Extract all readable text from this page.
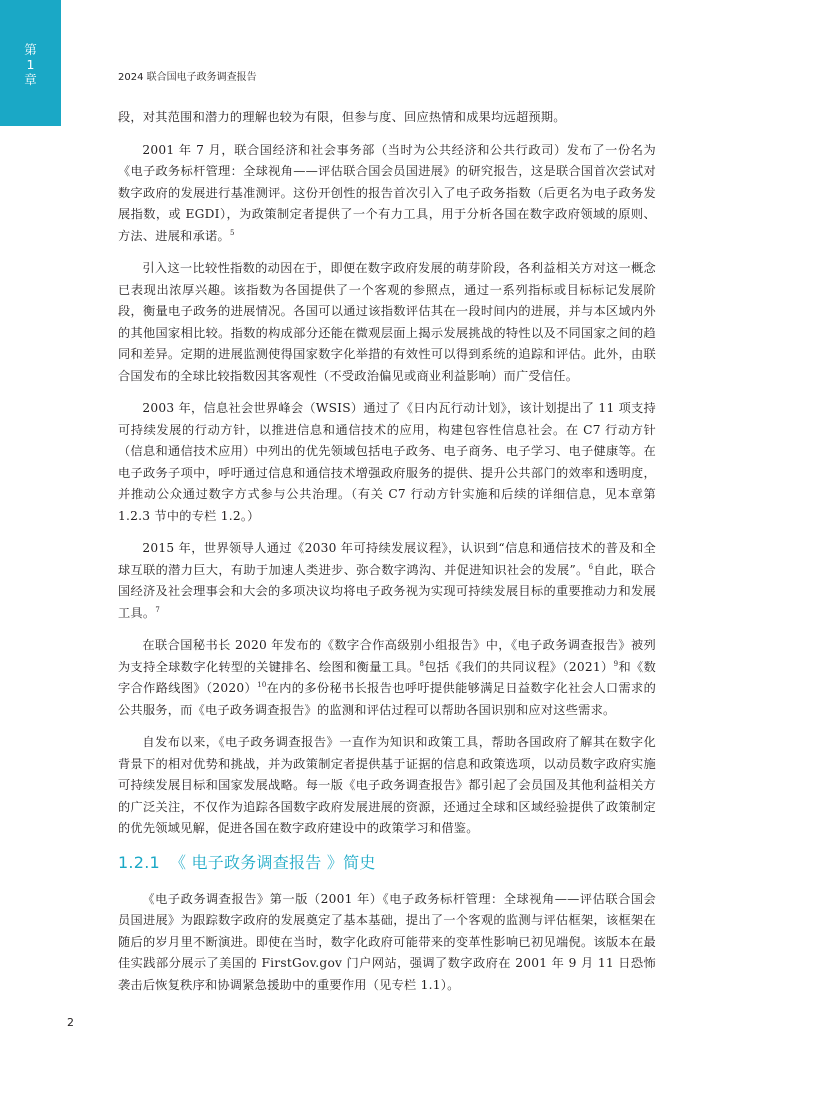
第
1
章	2024 联合国电子政务调查报告

段，对其范围和潜力的理解也较为有限，但参与度、回应热情和成果均远超预期。

2001 年 7 月，联合国经济和社会事务部（当时为公共经济和公共行政司）发布了一份名为《电子政务标杆管理：全球视角——评估联合国会员国进展》的研究报告，这是联合国首次尝试对数字政府的发展进行基准测评。这份开创性的报告首次引入了电子政务指数（后更名为电子政务发展指数，或 EGDI），为政策制定者提供了一个有力工具，用于分析各国在数字政府领域的原则、方法、进展和承诺。$^5$

引入这一比较性指数的动因在于，即便在数字政府发展的萌芽阶段，各利益相关方对这一概念已表现出浓厚兴趣。该指数为各国提供了一个客观的参照点，通过一系列指标或目标标记发展阶段，衡量电子政务的进展情况。各国可以通过该指数评估其在一段时间内的进展，并与本区域内外的其他国家相比较。指数的构成部分还能在微观层面上揭示发展挑战的特性以及不同国家之间的趋同和差异。定期的进展监测使得国家数字化举措的有效性可以得到系统的追踪和评估。此外，由联合国发布的全球比较指数因其客观性（不受政治偏见或商业利益影响）而广受信任。

2003 年，信息社会世界峰会（WSIS）通过了《日内瓦行动计划》，该计划提出了 11 项支持可持续发展的行动方针，以推进信息和通信技术的应用，构建包容性信息社会。在 C7 行动方针（信息和通信技术应用）中列出的优先领域包括电子政务、电子商务、电子学习、电子健康等。在电子政务子项中，呼吁通过信息和通信技术增强政府服务的提供、提升公共部门的效率和透明度，并推动公众通过数字方式参与公共治理。（有关 C7 行动方针实施和后续的详细信息，见本章第 1.2.3 节中的专栏 1.2。）

2015 年，世界领导人通过《2030 年可持续发展议程》，认识到“信息和通信技术的普及和全球互联的潜力巨大，有助于加速人类进步、弥合数字鸿沟、并促进知识社会的发展”。$^6$自此，联合国经济及社会理事会和大会的多项决议均将电子政务视为实现可持续发展目标的重要推动力和发展工具。$^7$

在联合国秘书长 2020 年发布的《数字合作高级别小组报告》中，《电子政务调查报告》被列为支持全球数字化转型的关键排名、绘图和衡量工具。$^8$包括《我们的共同议程》（2021）$^9$和《数字合作路线图》（2020）$^{10}$在内的多份秘书长报告也呼吁提供能够满足日益数字化社会人口需求的公共服务，而《电子政务调查报告》的监测和评估过程可以帮助各国识别和应对这些需求。

自发布以来，《电子政务调查报告》一直作为知识和政策工具，帮助各国政府了解其在数字化背景下的相对优势和挑战，并为政策制定者提供基于证据的信息和政策选项，以动员数字政府实施可持续发展目标和国家发展战略。每一版《电子政务调查报告》都引起了会员国及其他利益相关方的广泛关注，不仅作为追踪各国数字政府发展进展的资源，还通过全球和区域经验提供了政策制定的优先领域见解，促进各国在数字政府建设中的政策学习和借鉴。

1.2.1 《 电子政务调查报告 》简史

《电子政务调查报告》第一版（2001 年）《电子政务标杆管理：全球视角——评估联合国会员国进展》为跟踪数字政府的发展奠定了基本基础，提出了一个客观的监测与评估框架，该框架在随后的岁月里不断演进。即使在当时，数字化政府可能带来的变革性影响已初见端倪。该版本在最佳实践部分展示了美国的 FirstGov.gov 门户网站，强调了数字政府在 2001 年 9 月 11 日恐怖袭击后恢复秩序和协调紧急援助中的重要作用（见专栏 1.1）。

2
